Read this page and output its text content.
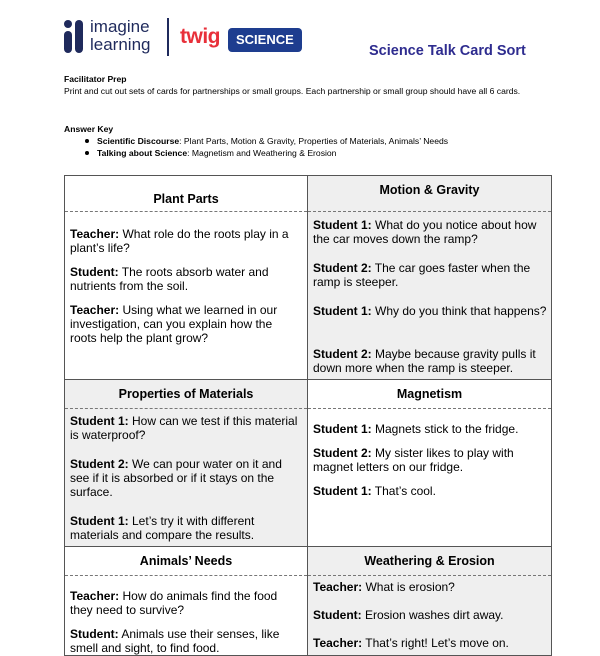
imagine
learning twig	SCIENCE
Science Talk Card Sort
Facilitator Prep
Print and cut out sets of cards for partnerships or small groups. Each partnership or small group should have all 6 cards.
Answer Key
Scientific Discourse: Plant Parts, Motion & Gravity, Properties of Materials, Animals’ Needs
Talking about Science: Magnetism and Weathering & Erosion
Plant Parts
Teacher: What role do the roots play in a plant’s life?
Student: The roots absorb water and nutrients from the soil.
Teacher: Using what we learned in our investigation, can you explain how the roots help the plant grow?
Motion & Gravity
Student 1: What do you notice about how the car moves down the ramp?
Student 2: The car goes faster when the ramp is steeper.
Student 1: Why do you think that happens?
Student 2: Maybe because gravity pulls it down more when the ramp is steeper.
Properties of Materials
Student 1: How can we test if this material is waterproof?
Student 2: We can pour water on it and see if it is absorbed or if it stays on the surface.
Student 1: Let’s try it with different materials and compare the results.
Magnetism
Student 1: Magnets stick to the fridge.
Student 2: My sister likes to play with magnet letters on our fridge.
Student 1: That’s cool.
Animals’ Needs
Teacher: How do animals find the food they need to survive?
Student: Animals use their senses, like smell and sight, to find food.
Weathering & Erosion
Teacher: What is erosion?
Student: Erosion washes dirt away.
Teacher: That’s right! Let’s move on.
